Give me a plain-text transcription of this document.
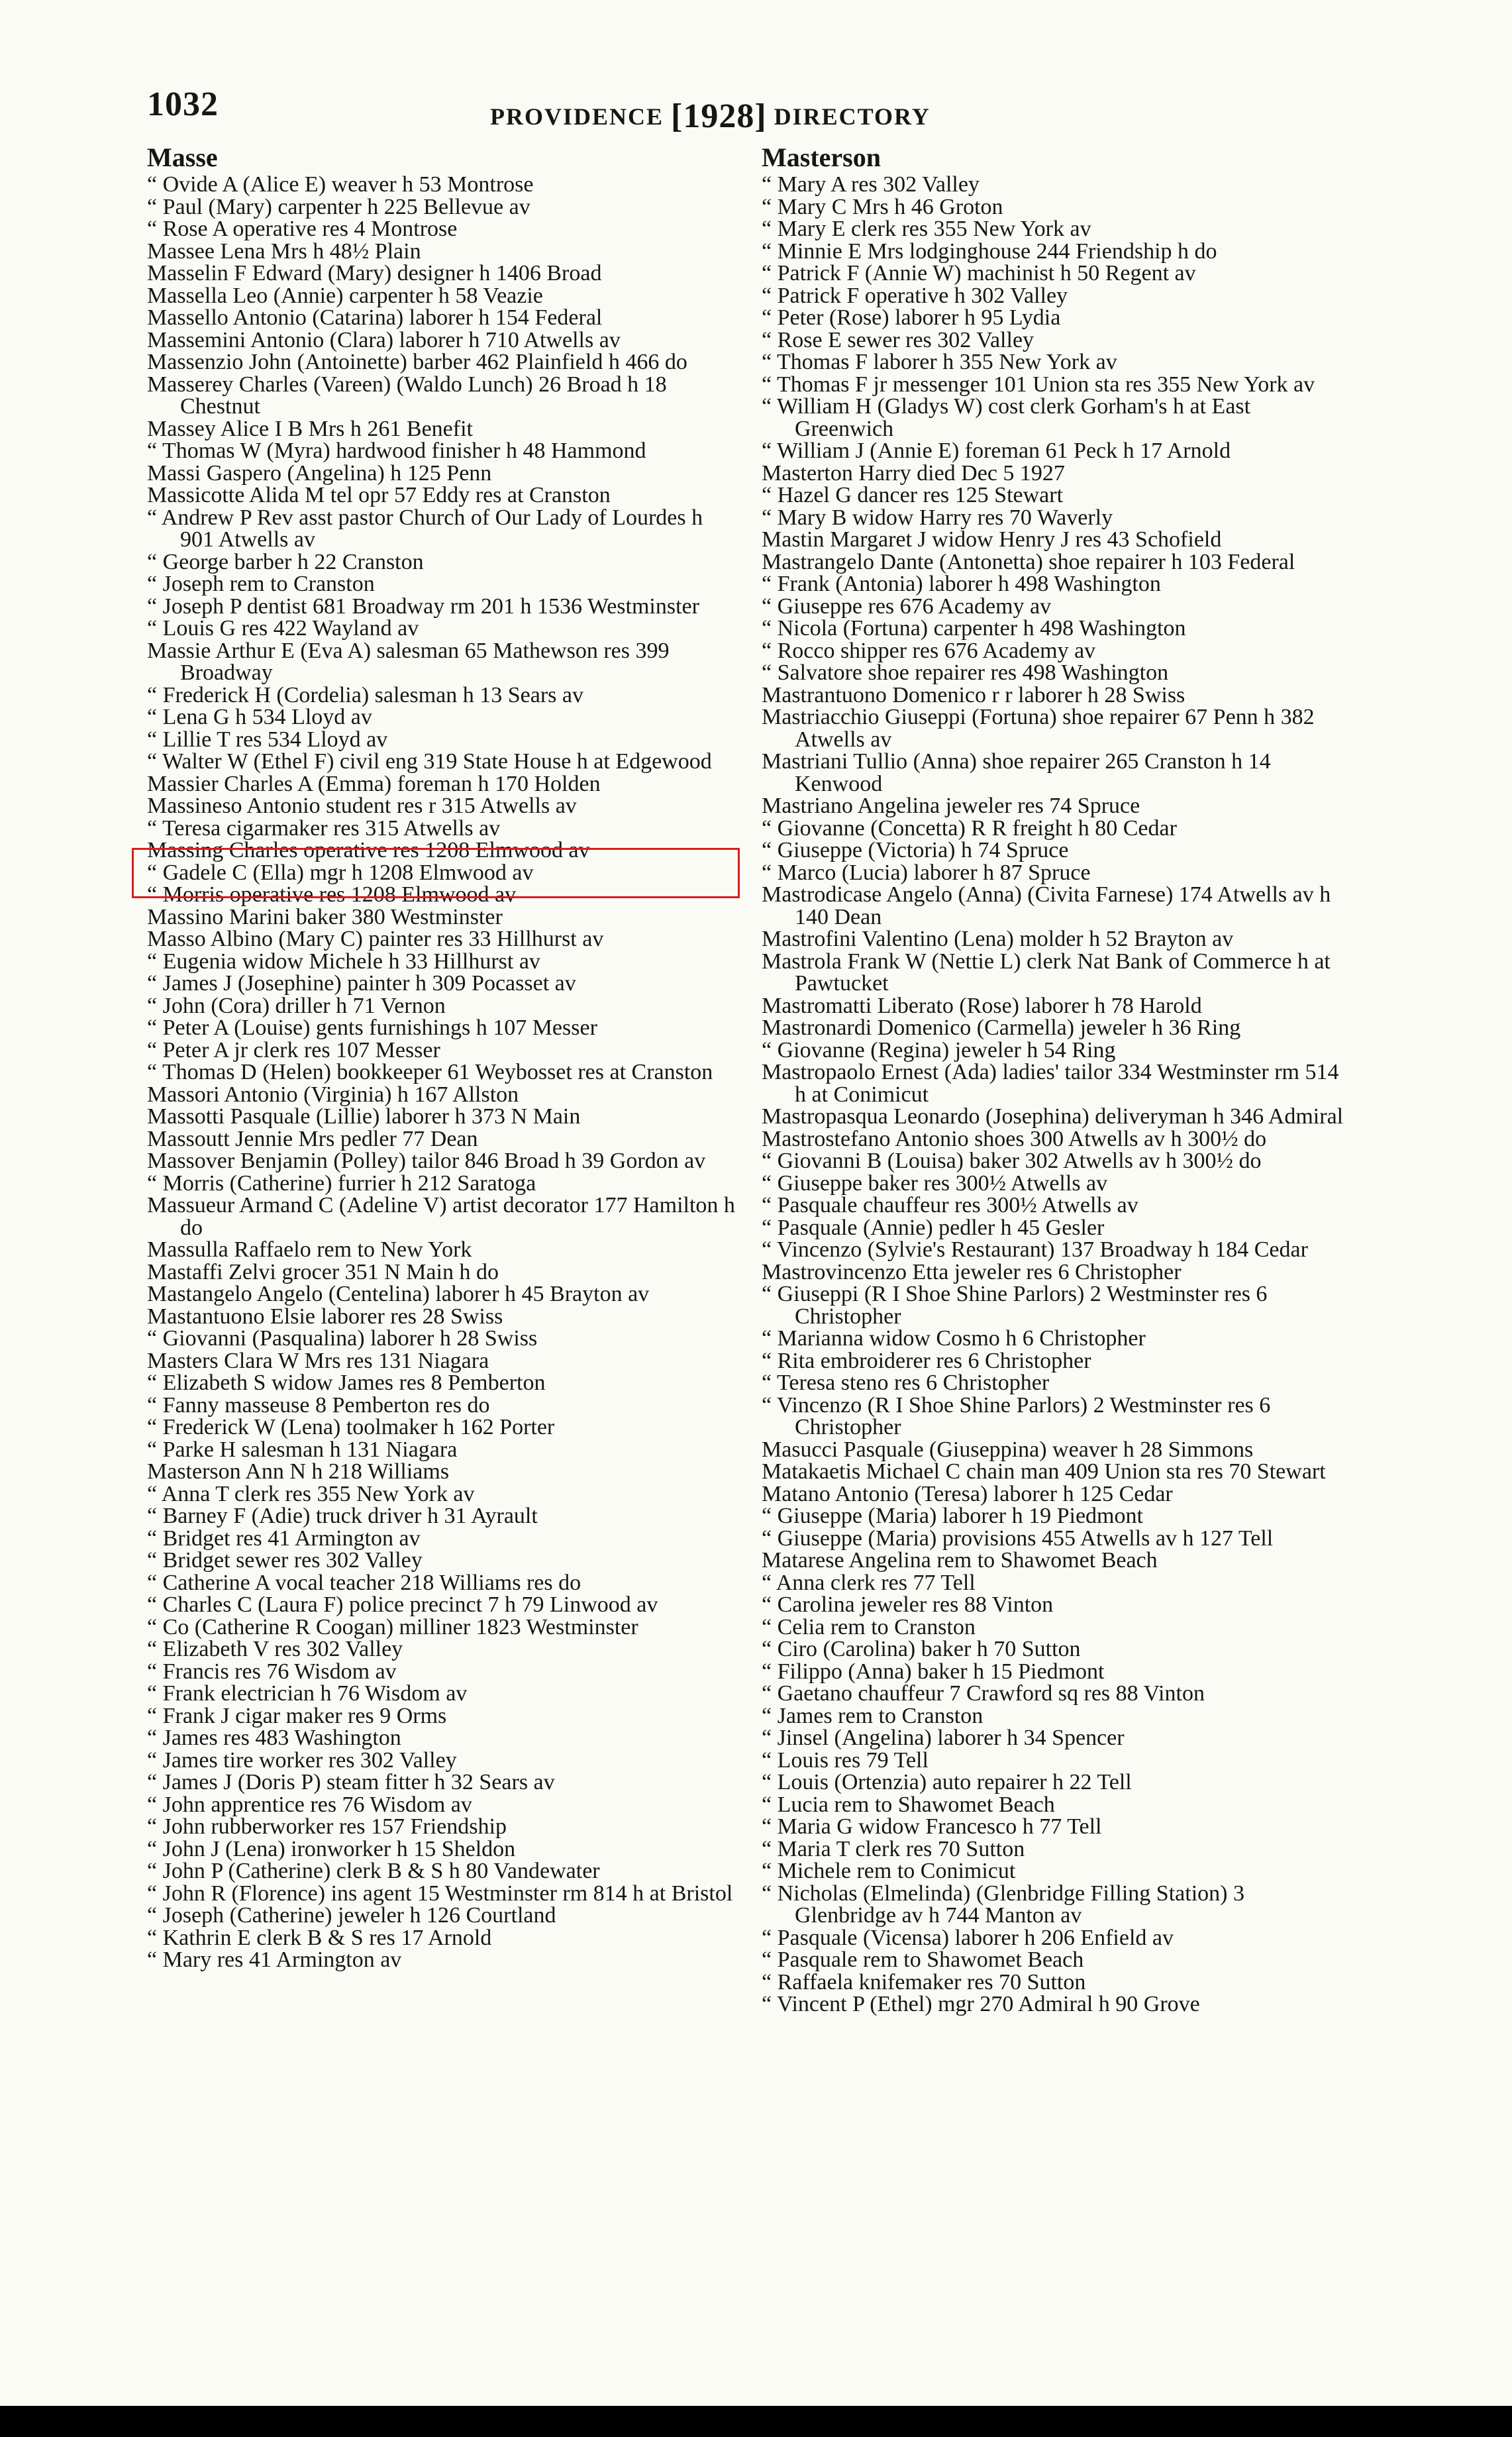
1032	PROVIDENCE [1928] DIRECTORY
Masse

“ Ovide A (Alice E) weaver h 53 Montrose

“ Paul (Mary) carpenter h 225 Bellevue av

“ Rose A operative res 4 Montrose

Massee Lena Mrs h 48½ Plain

Masselin F Edward (Mary) designer h 1406 Broad

Massella Leo (Annie) carpenter h 58 Veazie

Massello Antonio (Catarina) laborer h 154 Federal

Massemini Antonio (Clara) laborer h 710 Atwells av

Massenzio John (Antoinette) barber 462 Plainfield h 466 do

Masserey Charles (Vareen) (Waldo Lunch) 26 Broad h 18 Chestnut

Massey Alice I B Mrs h 261 Benefit

“ Thomas W (Myra) hardwood finisher h 48 Hammond

Massi Gaspero (Angelina) h 125 Penn

Massicotte Alida M tel opr 57 Eddy res at Cranston

“ Andrew P Rev asst pastor Church of Our Lady of Lourdes h 901 Atwells av

“ George barber h 22 Cranston

“ Joseph rem to Cranston

“ Joseph P dentist 681 Broadway rm 201 h 1536 Westminster

“ Louis G res 422 Wayland av

Massie Arthur E (Eva A) salesman 65 Mathewson res 399 Broadway

“ Frederick H (Cordelia) salesman h 13 Sears av

“ Lena G h 534 Lloyd av

“ Lillie T res 534 Lloyd av

“ Walter W (Ethel F) civil eng 319 State House h at Edgewood

Massier Charles A (Emma) foreman h 170 Holden

Massineso Antonio student res r 315 Atwells av

“ Teresa cigarmaker res 315 Atwells av

Massing Charles operative res 1208 Elmwood av

“ Gadele C (Ella) mgr h 1208 Elmwood av

“ Morris operative res 1208 Elmwood av

Massino Marini baker 380 Westminster

Masso Albino (Mary C) painter res 33 Hillhurst av

“ Eugenia widow Michele h 33 Hillhurst av

“ James J (Josephine) painter h 309 Pocasset av

“ John (Cora) driller h 71 Vernon

“ Peter A (Louise) gents furnishings h 107 Messer

“ Peter A jr clerk res 107 Messer

“ Thomas D (Helen) bookkeeper 61 Weybosset res at Cranston

Massori Antonio (Virginia) h 167 Allston

Massotti Pasquale (Lillie) laborer h 373 N Main

Massoutt Jennie Mrs pedler 77 Dean

Massover Benjamin (Polley) tailor 846 Broad h 39 Gordon av

“ Morris (Catherine) furrier h 212 Saratoga

Massueur Armand C (Adeline V) artist decorator 177 Hamilton h do

Massulla Raffaelo rem to New York

Mastaffi Zelvi grocer 351 N Main h do

Mastangelo Angelo (Centelina) laborer h 45 Brayton av

Mastantuono Elsie laborer res 28 Swiss

“ Giovanni (Pasqualina) laborer h 28 Swiss

Masters Clara W Mrs res 131 Niagara

“ Elizabeth S widow James res 8 Pemberton

“ Fanny masseuse 8 Pemberton res do

“ Frederick W (Lena) toolmaker h 162 Porter

“ Parke H salesman h 131 Niagara

Masterson Ann N h 218 Williams

“ Anna T clerk res 355 New York av

“ Barney F (Adie) truck driver h 31 Ayrault

“ Bridget res 41 Armington av

“ Bridget sewer res 302 Valley

“ Catherine A vocal teacher 218 Williams res do

“ Charles C (Laura F) police precinct 7 h 79 Linwood av

“ Co (Catherine R Coogan) milliner 1823 Westminster

“ Elizabeth V res 302 Valley

“ Francis res 76 Wisdom av

“ Frank electrician h 76 Wisdom av

“ Frank J cigar maker res 9 Orms

“ James res 483 Washington

“ James tire worker res 302 Valley

“ James J (Doris P) steam fitter h 32 Sears av

“ John apprentice res 76 Wisdom av

“ John rubberworker res 157 Friendship

“ John J (Lena) ironworker h 15 Sheldon

“ John P (Catherine) clerk B & S h 80 Vandewater

“ John R (Florence) ins agent 15 Westminster rm 814 h at Bristol

“ Joseph (Catherine) jeweler h 126 Courtland

“ Kathrin E clerk B & S res 17 Arnold

“ Mary res 41 Armington av

Masterson

“ Mary A res 302 Valley

“ Mary C Mrs h 46 Groton

“ Mary E clerk res 355 New York av

“ Minnie E Mrs lodginghouse 244 Friendship h do

“ Patrick F (Annie W) machinist h 50 Regent av

“ Patrick F operative h 302 Valley

“ Peter (Rose) laborer h 95 Lydia

“ Rose E sewer res 302 Valley

“ Thomas F laborer h 355 New York av

“ Thomas F jr messenger 101 Union sta res 355 New York av

“ William H (Gladys W) cost clerk Gorham's h at East Greenwich

“ William J (Annie E) foreman 61 Peck h 17 Arnold

Masterton Harry died Dec 5 1927

“ Hazel G dancer res 125 Stewart

“ Mary B widow Harry res 70 Waverly

Mastin Margaret J widow Henry J res 43 Schofield

Mastrangelo Dante (Antonetta) shoe repairer h 103 Federal

“ Frank (Antonia) laborer h 498 Washington

“ Giuseppe res 676 Academy av

“ Nicola (Fortuna) carpenter h 498 Washington

“ Rocco shipper res 676 Academy av

“ Salvatore shoe repairer res 498 Washington

Mastrantuono Domenico r r laborer h 28 Swiss

Mastriacchio Giuseppi (Fortuna) shoe repairer 67 Penn h 382 Atwells av

Mastriani Tullio (Anna) shoe repairer 265 Cranston h 14 Kenwood

Mastriano Angelina jeweler res 74 Spruce

“ Giovanne (Concetta) R R freight h 80 Cedar

“ Giuseppe (Victoria) h 74 Spruce

“ Marco (Lucia) laborer h 87 Spruce

Mastrodicase Angelo (Anna) (Civita Farnese) 174 Atwells av h 140 Dean

Mastrofini Valentino (Lena) molder h 52 Brayton av

Mastrola Frank W (Nettie L) clerk Nat Bank of Commerce h at Pawtucket

Mastromatti Liberato (Rose) laborer h 78 Harold

Mastronardi Domenico (Carmella) jeweler h 36 Ring

“ Giovanne (Regina) jeweler h 54 Ring

Mastropaolo Ernest (Ada) ladies' tailor 334 Westminster rm 514 h at Conimicut

Mastropasqua Leonardo (Josephina) deliveryman h 346 Admiral

Mastrostefano Antonio shoes 300 Atwells av h 300½ do

“ Giovanni B (Louisa) baker 302 Atwells av h 300½ do

“ Giuseppe baker res 300½ Atwells av

“ Pasquale chauffeur res 300½ Atwells av

“ Pasquale (Annie) pedler h 45 Gesler

“ Vincenzo (Sylvie's Restaurant) 137 Broadway h 184 Cedar

Mastrovincenzo Etta jeweler res 6 Christopher

“ Giuseppi (R I Shoe Shine Parlors) 2 Westminster res 6 Christopher

“ Marianna widow Cosmo h 6 Christopher

“ Rita embroiderer res 6 Christopher

“ Teresa steno res 6 Christopher

“ Vincenzo (R I Shoe Shine Parlors) 2 Westminster res 6 Christopher

Masucci Pasquale (Giuseppina) weaver h 28 Simmons

Matakaetis Michael C chain man 409 Union sta res 70 Stewart

Matano Antonio (Teresa) laborer h 125 Cedar

“ Giuseppe (Maria) laborer h 19 Piedmont

“ Giuseppe (Maria) provisions 455 Atwells av h 127 Tell

Matarese Angelina rem to Shawomet Beach

“ Anna clerk res 77 Tell

“ Carolina jeweler res 88 Vinton

“ Celia rem to Cranston

“ Ciro (Carolina) baker h 70 Sutton

“ Filippo (Anna) baker h 15 Piedmont

“ Gaetano chauffeur 7 Crawford sq res 88 Vinton

“ James rem to Cranston

“ Jinsel (Angelina) laborer h 34 Spencer

“ Louis res 79 Tell

“ Louis (Ortenzia) auto repairer h 22 Tell

“ Lucia rem to Shawomet Beach

“ Maria G widow Francesco h 77 Tell

“ Maria T clerk res 70 Sutton

“ Michele rem to Conimicut

“ Nicholas (Elmelinda) (Glenbridge Filling Station) 3 Glenbridge av h 744 Manton av

“ Pasquale (Vicensa) laborer h 206 Enfield av

“ Pasquale rem to Shawomet Beach

“ Raffaela knifemaker res 70 Sutton

“ Vincent P (Ethel) mgr 270 Admiral h 90 Grove
